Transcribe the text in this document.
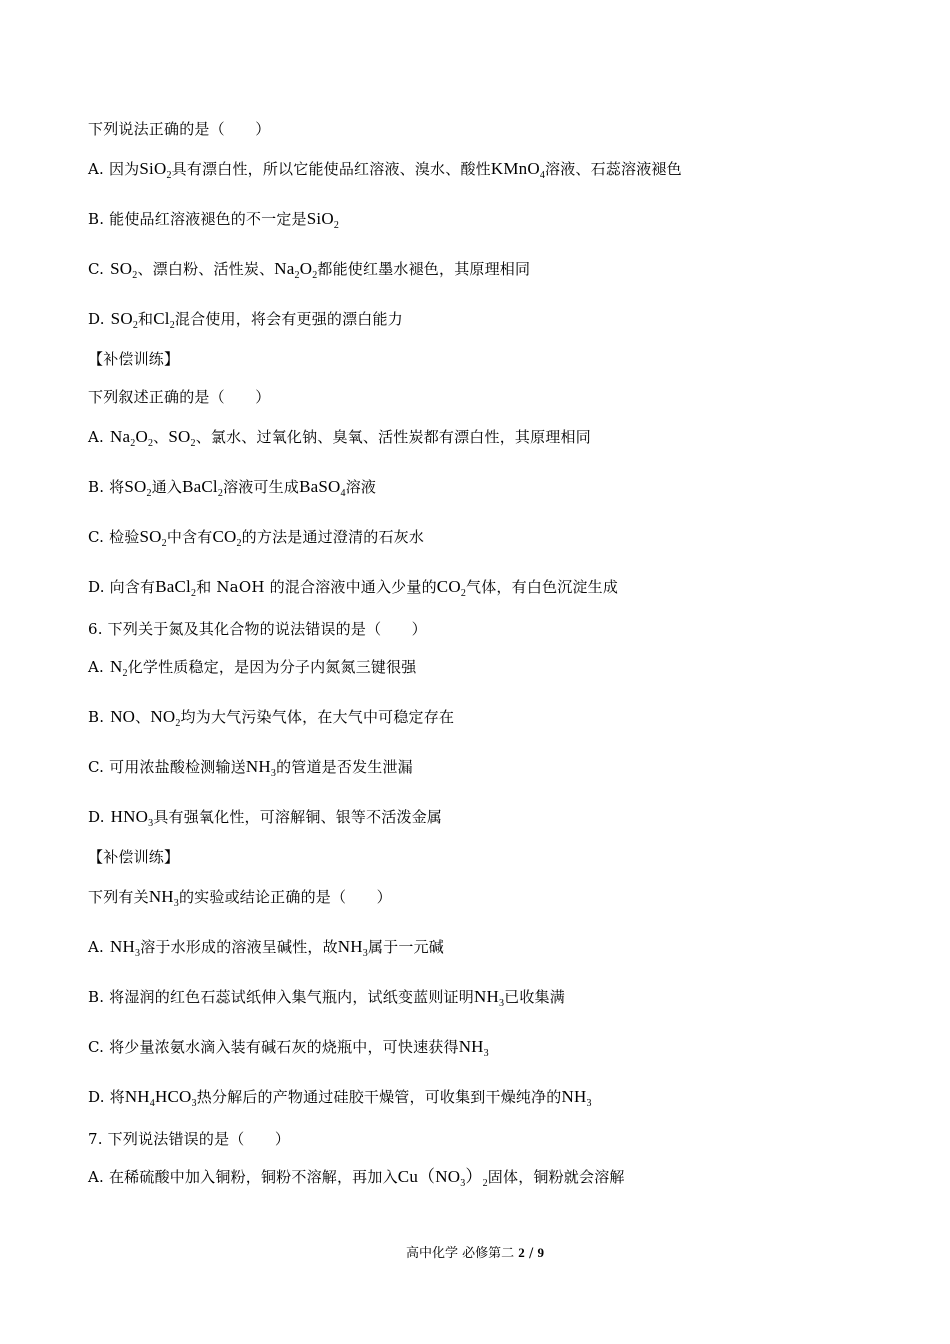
下列说法正确的是（　　）
A. 因为SiO$_2$具有漂白性，所以它能使品红溶液、溴水、酸性KMnO$_4$溶液、石蕊溶液褪色
B. 能使品红溶液褪色的不一定是SiO$_2$
C. $SO_2$、漂白粉、活性炭、$Na_2O_2$都能使红墨水褪色，其原理相同
D. $SO_2$和$Cl_2$混合使用，将会有更强的漂白能力
【补偿训练】
下列叙述正确的是（　　）
A. $Na_2O_2$、$SO_2$、氯水、过氧化钠、臭氧、活性炭都有漂白性，其原理相同
B. 将$SO_2$通入BaCl$_2$溶液可生成BaSO$_4$溶液
C. 检验$SO_2$中含有$CO_2$的方法是通过澄清的石灰水
D. 向含有BaCl$_2$和 NaOH 的混合溶液中通入少量的$CO_2$气体，有白色沉淀生成
6. 下列关于氮及其化合物的说法错误的是（　　）
A. $N_2$化学性质稳定，是因为分子内氮氮三键很强
B. NO、$NO_2$均为大气污染气体，在大气中可稳定存在
C. 可用浓盐酸检测输送$NH_3$的管道是否发生泄漏
D. $HNO_3$具有强氧化性，可溶解铜、银等不活泼金属
【补偿训练】
下列有关$NH_3$的实验或结论正确的是（　　）
A. $NH_3$溶于水形成的溶液呈碱性，故$NH_3$属于一元碱
B. 将湿润的红色石蕊试纸伸入集气瓶内，试纸变蓝则证明$NH_3$已收集满
C. 将少量浓氨水滴入装有碱石灰的烧瓶中，可快速获得$NH_3$
D. 将$NH_4HCO_3$热分解后的产物通过硅胶干燥管，可收集到干燥纯净的$NH_3$
7. 下列说法错误的是（　　）
A. 在稀硫酸中加入铜粉，铜粉不溶解，再加入$Cu(NO_3)_2$固体，铜粉就会溶解
高中化学 必修第二 2 / 9
